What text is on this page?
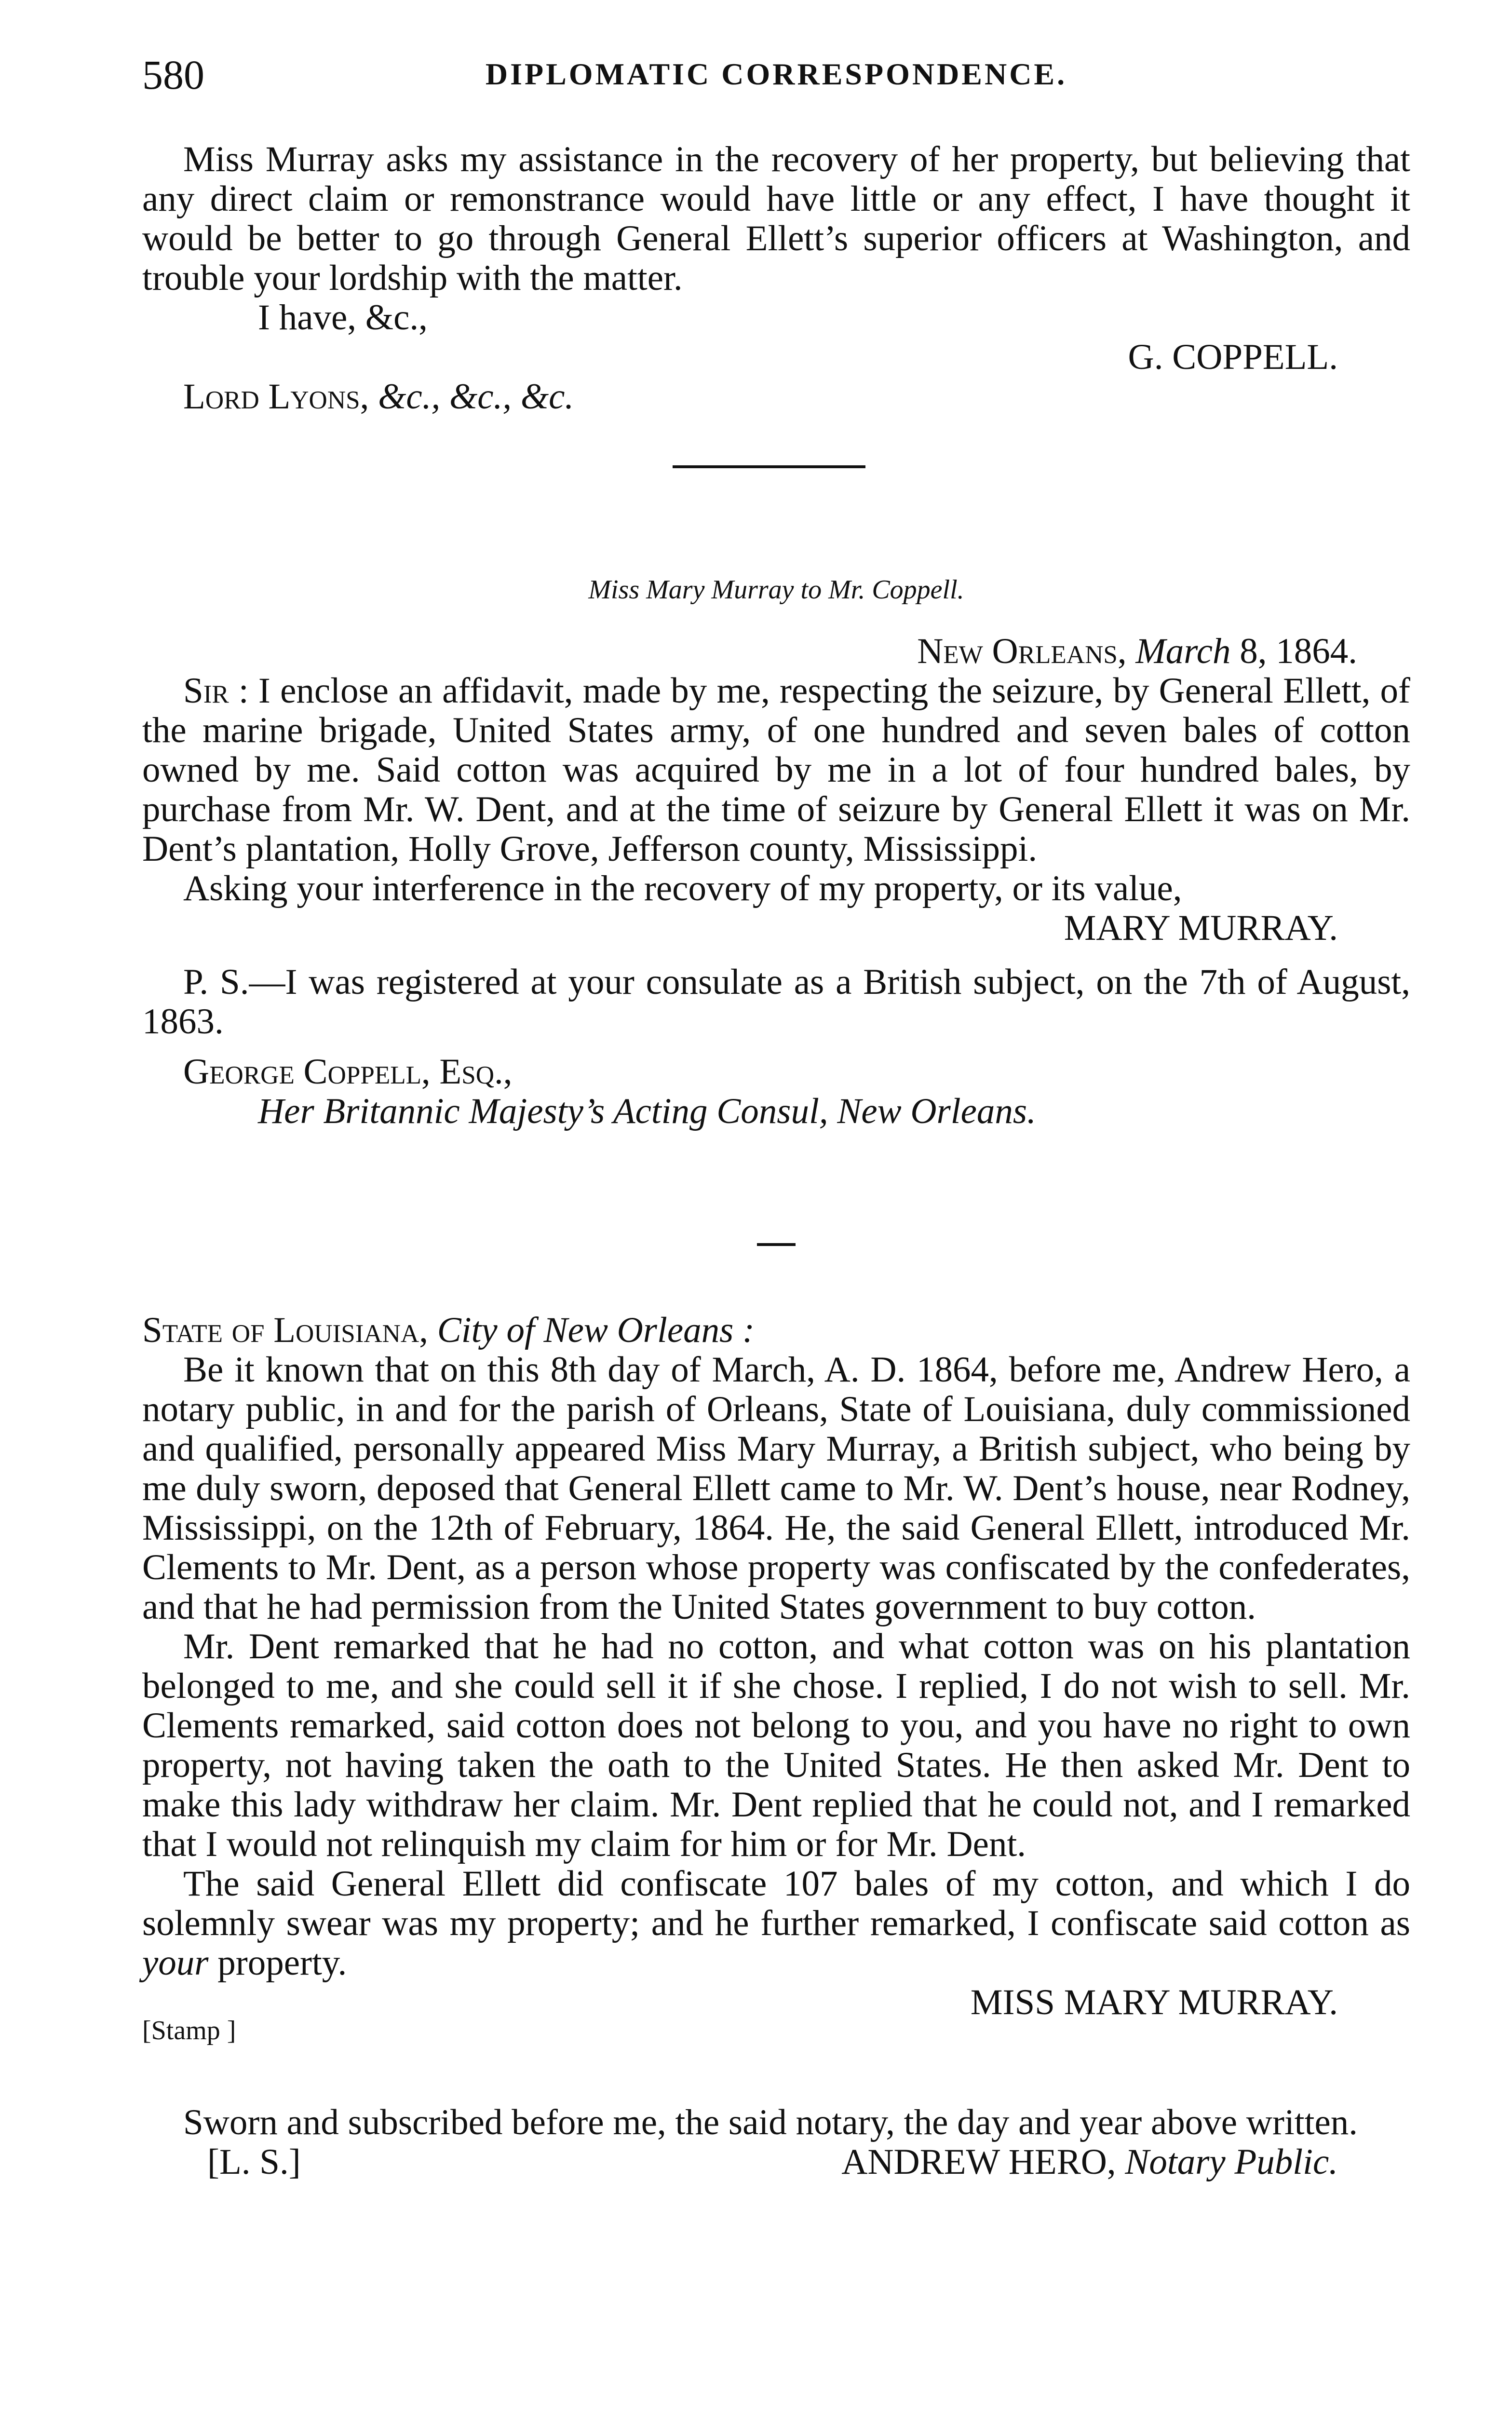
580	DIPLOMATIC CORRESPONDENCE.

Miss Murray asks my assistance in the recovery of her property, but believing that any direct claim or remonstrance would have little or any effect, I have thought it would be better to go through General Ellett’s superior officers at Washington, and trouble your lordship with the matter.

I have, &c.,

G. COPPELL.
Lord Lyons, &c., &c., &c.
Miss Mary Murray to Mr. Coppell.
New Orleans, March 8, 1864.

Sir : I enclose an affidavit, made by me, respecting the seizure, by General Ellett, of the marine brigade, United States army, of one hundred and seven bales of cotton owned by me. Said cotton was acquired by me in a lot of four hundred bales, by purchase from Mr. W. Dent, and at the time of seizure by General Ellett it was on Mr. Dent’s plantation, Holly Grove, Jefferson county, Mississippi.

Asking your interference in the recovery of my property, or its value,

MARY MURRAY.

P. S.—I was registered at your consulate as a British subject, on the 7th of August, 1863.

George Coppell, Esq.,
Her Britannic Majesty’s Acting Consul, New Orleans.
State of Louisiana, City of New Orleans :

Be it known that on this 8th day of March, A. D. 1864, before me, Andrew Hero, a notary public, in and for the parish of Orleans, State of Louisiana, duly commissioned and qualified, personally appeared Miss Mary Murray, a British subject, who being by me duly sworn, deposed that General Ellett came to Mr. W. Dent’s house, near Rodney, Mississippi, on the 12th of February, 1864. He, the said General Ellett, introduced Mr. Clements to Mr. Dent, as a person whose property was confiscated by the confederates, and that he had permission from the United States government to buy cotton.

Mr. Dent remarked that he had no cotton, and what cotton was on his plantation belonged to me, and she could sell it if she chose. I replied, I do not wish to sell. Mr. Clements remarked, said cotton does not belong to you, and you have no right to own property, not having taken the oath to the United States. He then asked Mr. Dent to make this lady withdraw her claim. Mr. Dent replied that he could not, and I remarked that I would not relinquish my claim for him or for Mr. Dent.

The said General Ellett did confiscate 107 bales of my cotton, and which I do solemnly swear was my property; and he further remarked, I confiscate said cotton as your property.

MISS MARY MURRAY.
[Stamp ]

Sworn and subscribed before me, the said notary, the day and year above written.

[L. S.]	ANDREW HERO, Notary Public.
